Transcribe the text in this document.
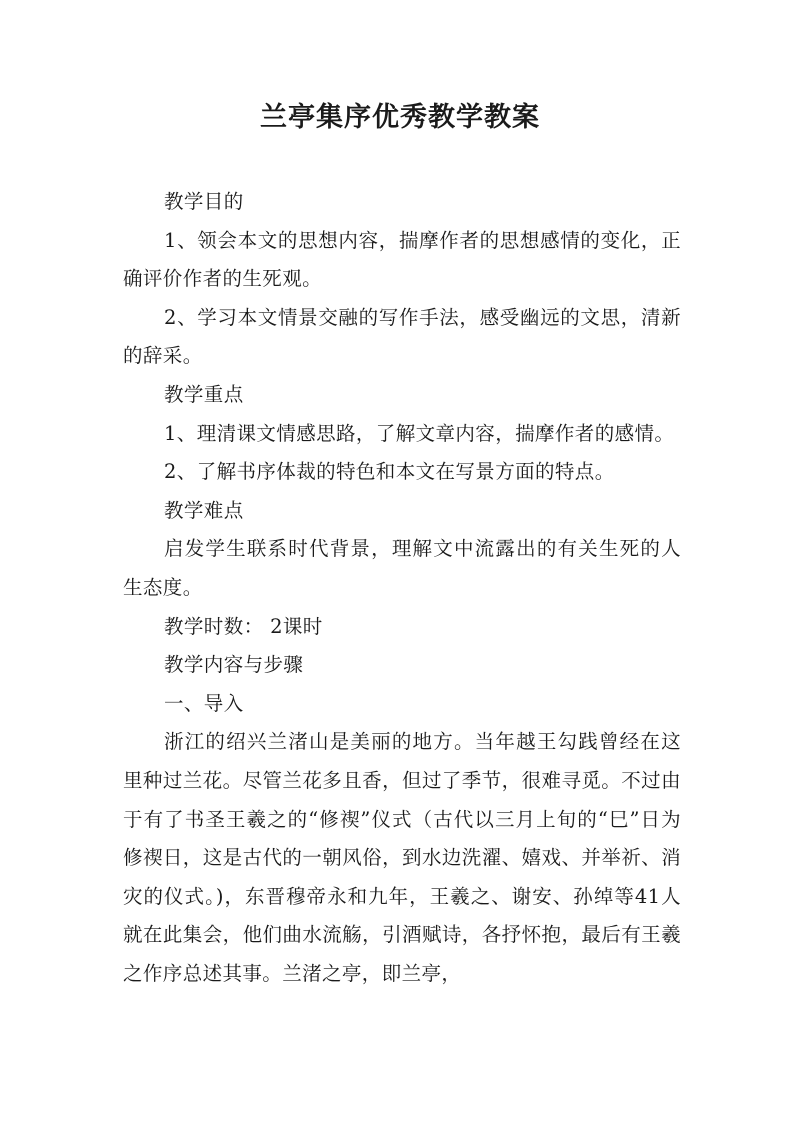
兰亭集序优秀教学教案

教学目的

1、领会本文的思想内容，揣摩作者的思想感情的变化，正确评价作者的生死观。

2、学习本文情景交融的写作手法，感受幽远的文思，清新的辞采。

教学重点

1、理清课文情感思路，了解文章内容，揣摩作者的感情。

2、了解书序体裁的特色和本文在写景方面的特点。

教学难点

启发学生联系时代背景，理解文中流露出的有关生死的人生态度。

教学时数： 2课时

教学内容与步骤

一、导入

浙江的绍兴兰渚山是美丽的地方。当年越王勾践曾经在这里种过兰花。尽管兰花多且香，但过了季节，很难寻觅。不过由于有了书圣王羲之的“修禊”仪式（古代以三月上旬的“巳”日为修禊日，这是古代的一朝风俗，到水边洗濯、嬉戏、并举祈、消灾的仪式。)，东晋穆帝永和九年，王羲之、谢安、孙绰等41人就在此集会，他们曲水流觞，引酒赋诗，各抒怀抱，最后有王羲之作序总述其事。兰渚之亭，即兰亭，
